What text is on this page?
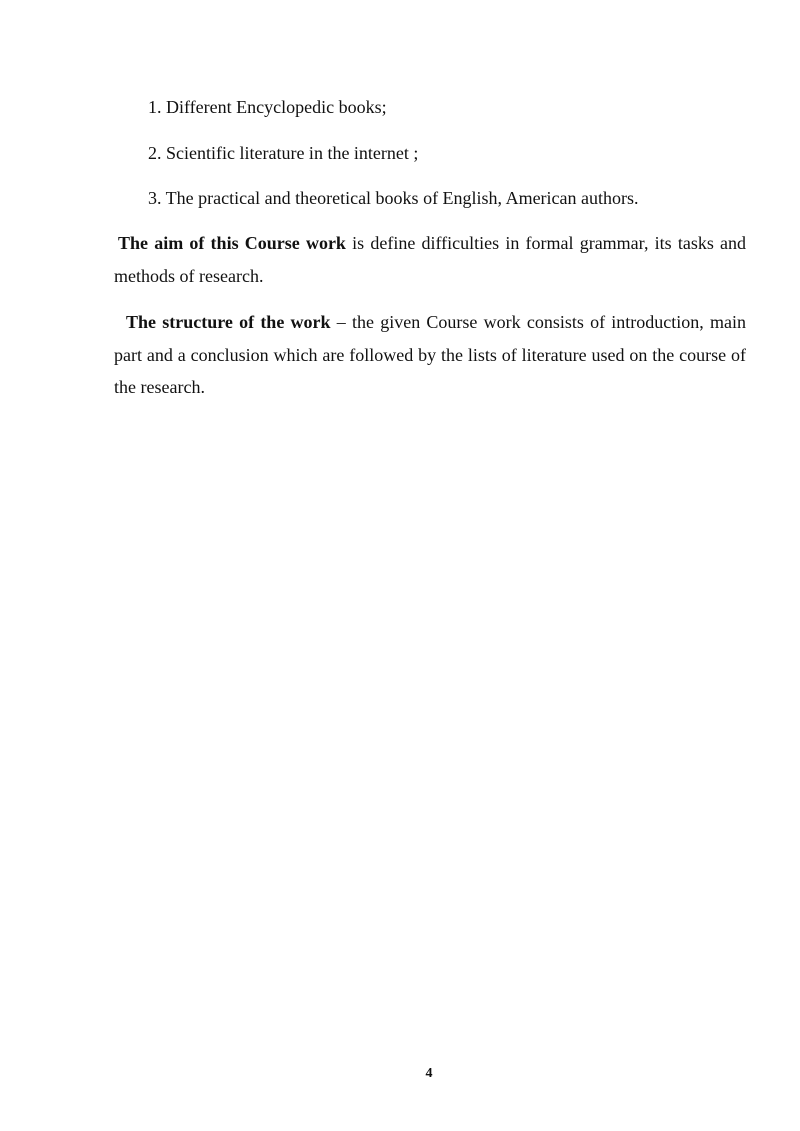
1. Different Encyclopedic books;
2. Scientific literature in the internet ;
3. The practical and theoretical books of English, American authors.
The aim of this Course work is define difficulties in formal grammar, its tasks and methods of research.
The structure of the work – the given Course work consists of introduction, main part and a conclusion which are followed by the lists of literature used on the course of the research.
4
